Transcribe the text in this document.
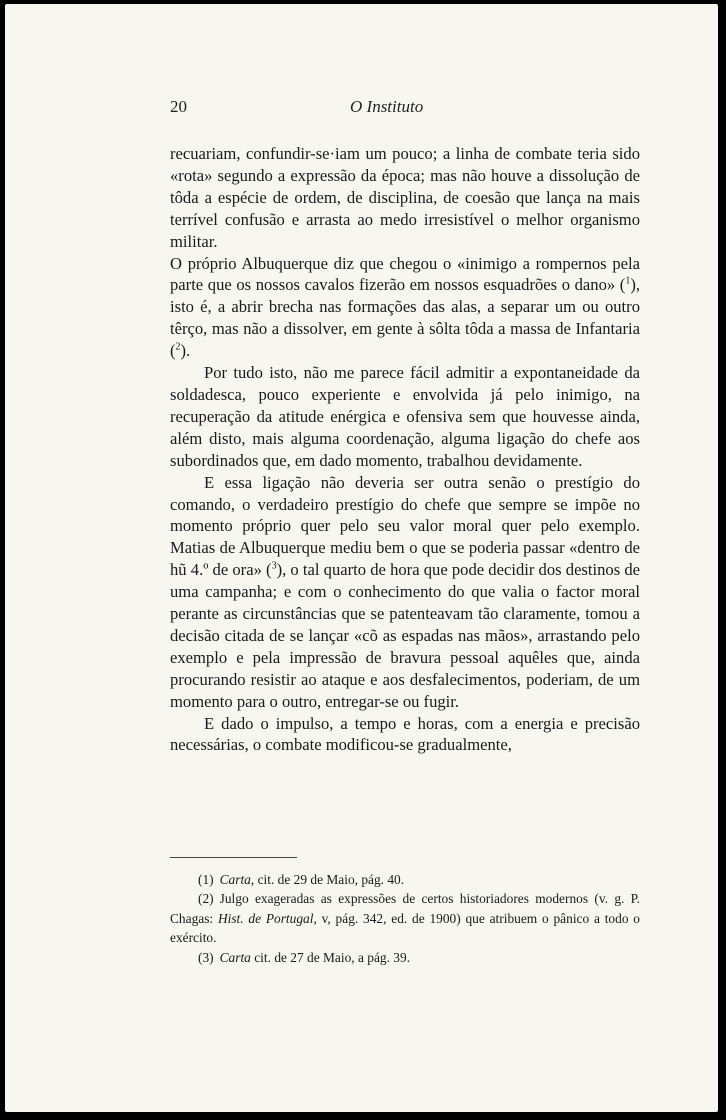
20	O Instituto

recuariam, confundir-se·iam um pouco; a linha de combate teria sido «rota» segundo a expressão da época; mas não houve a dissolução de tôda a espécie de ordem, de disciplina, de coesão que lança na mais terrível confusão e arrasta ao medo irresistível o melhor organismo militar.

O próprio Albuquerque diz que chegou o «inimigo a rompernos pela parte que os nossos cavalos fizerão em nossos esquadrões o dano» ($^1$), isto é, a abrir brecha nas formações das alas, a separar um ou outro têrço, mas não a dissolver, em gente à sôlta tôda a massa de Infantaria ($^2$).

Por tudo isto, não me parece fácil admitir a expontaneidade da soldadesca, pouco experiente e envolvida já pelo inimigo, na recuperação da atitude enérgica e ofensiva sem que houvesse ainda, além disto, mais alguma coordenação, alguma ligação do chefe aos subordinados que, em dado momento, trabalhou devidamente.

E essa ligação não deveria ser outra senão o prestígio do comando, o verdadeiro prestígio do chefe que sempre se impõe no momento próprio quer pelo seu valor moral quer pelo exemplo. Matias de Albuquerque mediu bem o que se poderia passar «dentro de hũ 4.º de ora» ($^3$), o tal quarto de hora que pode decidir dos destinos de uma campanha; e com o conhecimento do que valia o factor moral perante as circunstâncias que se patenteavam tão claramente, tomou a decisão citada de se lançar «cõ as espadas nas mãos», arrastando pelo exemplo e pela impressão de bravura pessoal aquêles que, ainda procurando resistir ao ataque e aos desfalecimentos, poderiam, de um momento para o outro, entregar-se ou fugir.

E dado o impulso, a tempo e horas, com a energia e precisão necessárias, o combate modificou-se gradualmente,

(1) Carta, cit. de 29 de Maio, pág. 40.

(2) Julgo exageradas as expressões de certos historiadores modernos (v. g. P. Chagas: Hist. de Portugal, v, pág. 342, ed. de 1900) que atribuem o pânico a todo o exército.

(3) Carta cit. de 27 de Maio, a pág. 39.
